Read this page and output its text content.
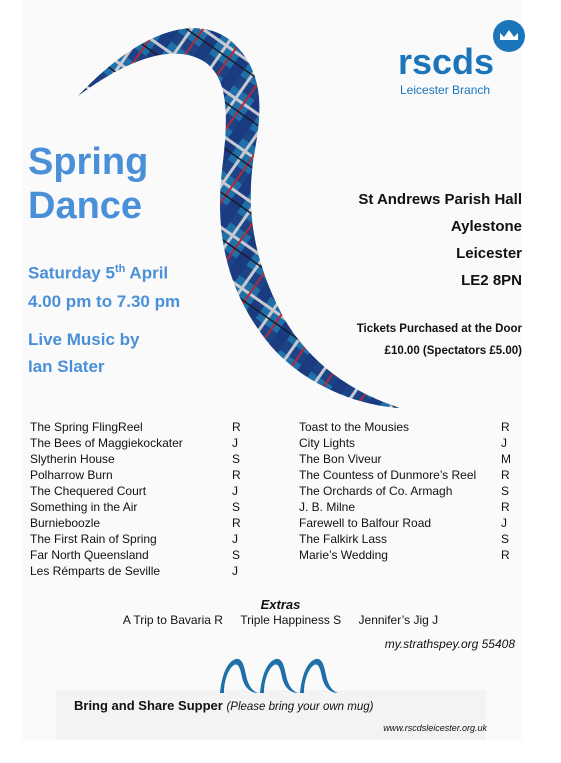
rscds
Leicester Branch
Spring
Dance
Saturday 5th April
4.00 pm to 7.30 pm
Live Music by
Ian Slater
St Andrews Parish Hall
Aylestone
Leicester
LE2 8PN
Tickets Purchased at the Door
£10.00 (Spectators £5.00)
The Spring FlingReel	R
The Bees of Maggiekockater	J
Slytherin House	S
Polharrow Burn	R
The Chequered Court	J
Something in the Air	S
Burnieboozle	R
The First Rain of Spring	J
Far North Queensland	S
Les Rémparts de Seville	J
Toast to the Mousies	R
City Lights	J
The Bon Viveur	M
The Countess of Dunmore’s Reel	R
The Orchards of Co. Armagh	S
J. B. Milne	R
Farewell to Balfour Road	J
The Falkirk Lass	S
Marie’s Wedding	R
Extras
A Trip to Bavaria R Triple Happiness S Jennifer’s Jig J
my.strathspey.org 55408
Bring and Share Supper (Please bring your own mug)
www.rscdsleicester.org.uk
